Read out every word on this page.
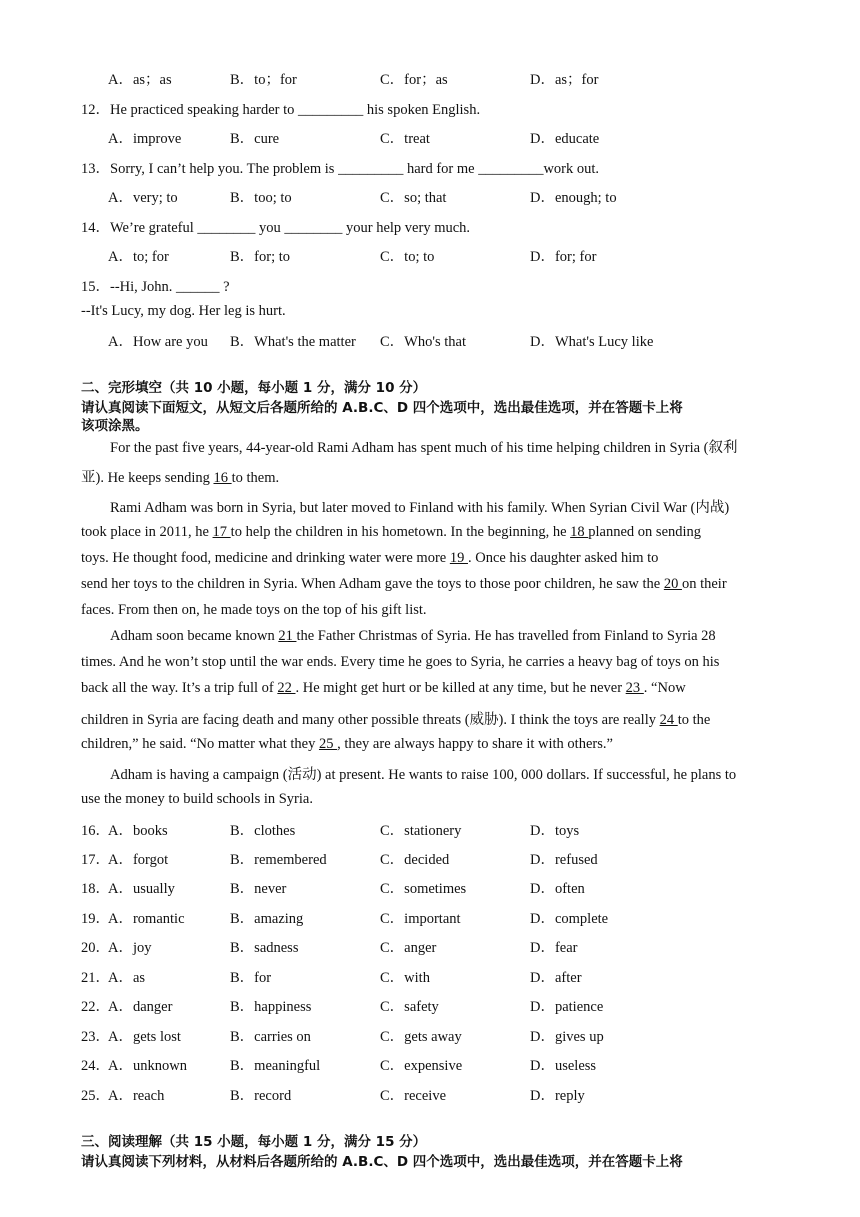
A．as；as	B．to；for	C．for；as	D．as；for
12．He practiced speaking harder to _________ his spoken English.
A．improve	B．cure	C．treat	D．educate
13．Sorry, I can’t help you. The problem is _________ hard for me _________work out.
A．very; to	B．too; to	C．so; that	D．enough; to
14．We’re grateful ________ you ________ your help very much.
A．to; for	B．for; to	C．to; to	D．for; for
15．--Hi, John. ______ ?
--It's Lucy, my dog. Her leg is hurt.
A．How are you B．What's the matter C．Who's that	D．What's Lucy like
二、完形填空（共 10 小题，每小题 1 分，满分 10 分）
请认真阅读下面短文，从短文后各题所给的 A.B.C、D 四个选项中，选出最佳选项，并在答题卡上将
该项涂黑。
For the past five years, 44-year-old Rami Adham has spent much of his time helping children in Syria (叙利
亚). He keeps sending 16 to them.
Rami Adham was born in Syria, but later moved to Finland with his family. When Syrian Civil War (内战)
took place in 2011, he 17 to help the children in his hometown. In the beginning, he 18 planned on sending
toys. He thought food, medicine and drinking water were more 19 . Once his daughter asked him to
send her toys to the children in Syria. When Adham gave the toys to those poor children, he saw the 20 on their
faces. From then on, he made toys on the top of his gift list.
Adham soon became known 21 the Father Christmas of Syria. He has travelled from Finland to Syria 28
times. And he won’t stop until the war ends. Every time he goes to Syria, he carries a heavy bag of toys on his
back all the way. It’s a trip full of 22 . He might get hurt or be killed at any time, but he never 23 . “Now
children in Syria are facing death and many other possible threats (威胁). I think the toys are really 24 to the
children,” he said. “No matter what they 25 , they are always happy to share it with others.”
Adham is having a campaign (活动) at present. He wants to raise 100, 000 dollars. If successful, he plans to
use the money to build schools in Syria.
16．
A．books	B．clothes	C．stationery	D．toys
17．
A．forgot	B．remembered	C．decided	D．refused
18．
A．usually	B．never	C．sometimes	D．often
19．
A．romantic	B．amazing	C．important	D．complete
20．
A．joy	B．sadness	C．anger	D．fear
21．
A．as	B．for	C．with	D．after
22．
A．danger	B．happiness	C．safety	D．patience
23．
A．gets lost	B．carries on	C．gets away	D．gives up
24．
A．unknown	B．meaningful	C．expensive	D．useless
25．
A．reach	B．record	C．receive	D．reply
三、阅读理解（共 15 小题，每小题 1 分，满分 15 分）
请认真阅读下列材料，从材料后各题所给的 A.B.C、D 四个选项中，选出最佳选项，并在答题卡上将
